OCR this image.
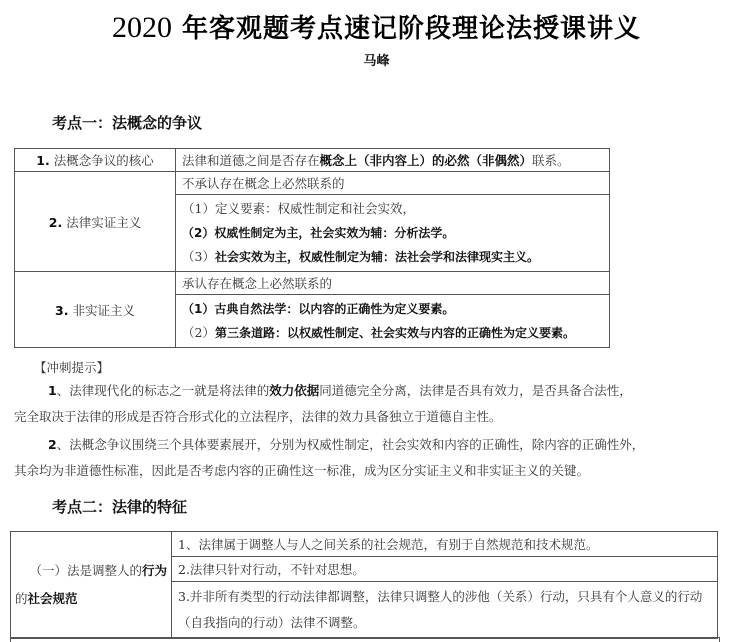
2020 年客观题考点速记阶段理论法授课讲义
马峰
考点一：法概念的争议
1. 法概念争议的核心	法律和道德之间是否存在概念上（非内容上）的必然（非偶然）联系。
2. 法律实证主义	不承认存在概念上必然联系的

	（1）定义要素：权威性制定和社会实效，
（2）权威性制定为主，社会实效为辅：分析法学。
（3）社会实效为主，权威性制定为辅：法社会学和法律现实主义。

3. 非实证主义	承认存在概念上必然联系的

	（1）古典自然法学：以内容的正确性为定义要素。
（2）第三条道路：以权威性制定、社会实效与内容的正确性为定义要素。
【冲刺提示】
1、法律现代化的标志之一就是将法律的效力依据同道德完全分离，法律是否具有效力，是否具备合法性，
完全取决于法律的形成是否符合形式化的立法程序，法律的效力具备独立于道德自主性。
2、法概念争议围绕三个具体要素展开，分别为权威性制定，社会实效和内容的正确性，除内容的正确性外，
其余均为非道德性标准，因此是否考虑内容的正确性这一标准，成为区分实证主义和非实证主义的关键。
考点二：法律的特征
（一）法是调整人的行为
的社会规范
	1、法律属于调整人与人之间关系的社会规范，有别于自然规范和技术规范。
2.法律只针对行动，不针对思想。
3.并非所有类型的行动法律都调整，法律只调整人的涉他（关系）行动，只具有个人意义的行动（自我指向的行动）法律不调整。
